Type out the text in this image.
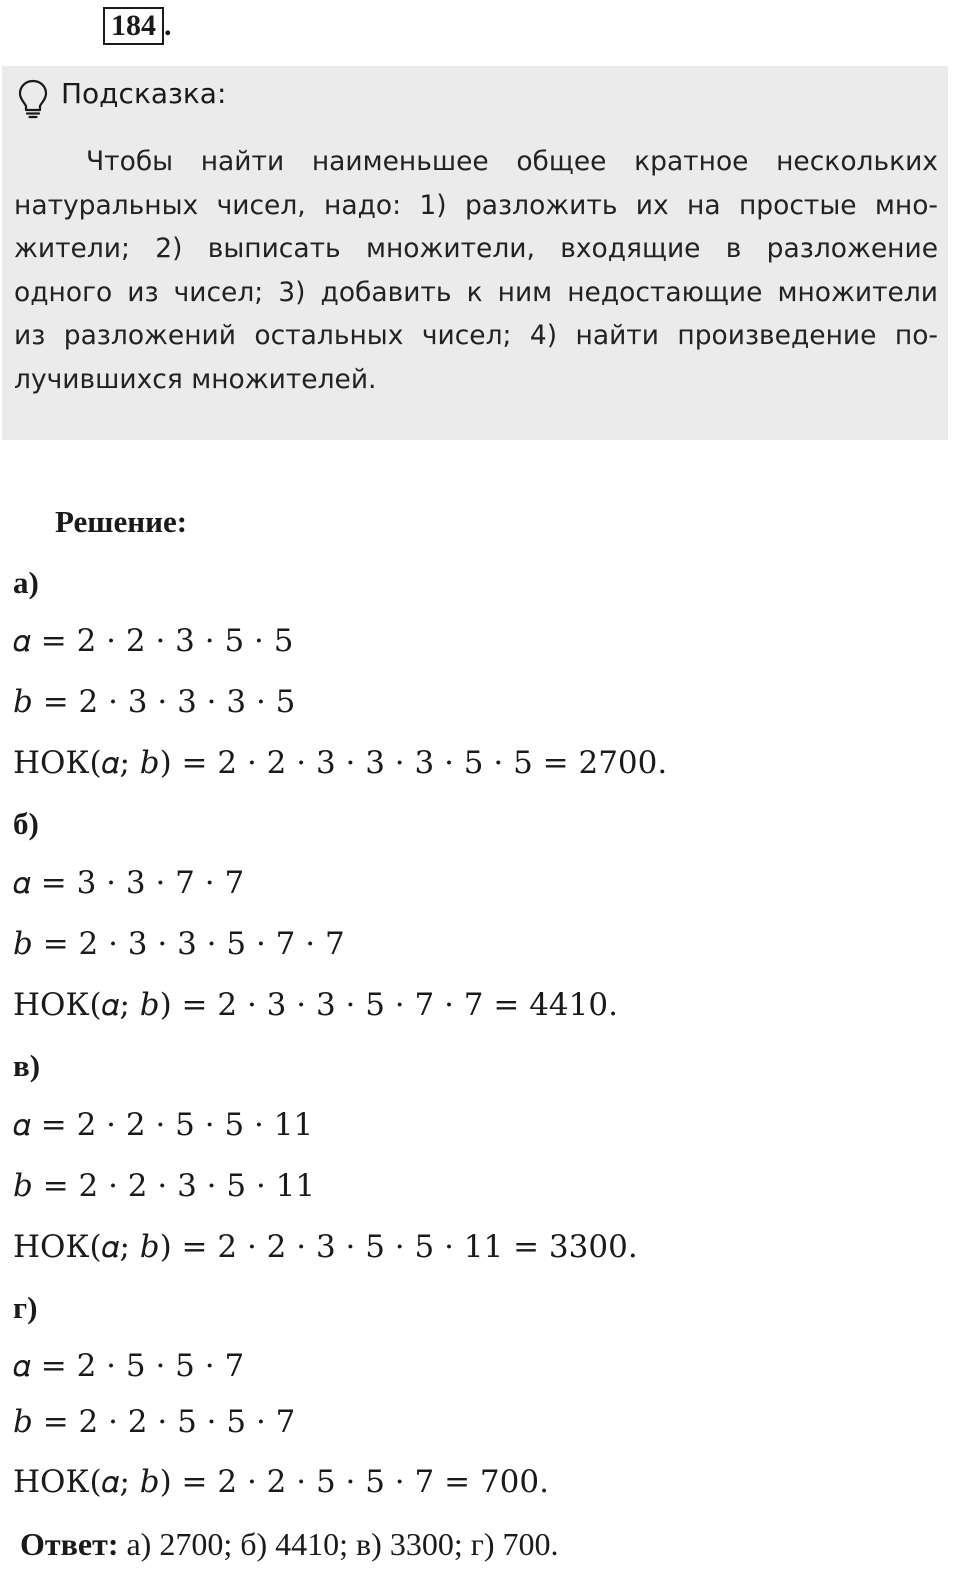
184 .
Подсказка:
Чтобы найти наименьшее общее кратное нескольких
натуральных чисел, надо: 1) разложить их на простые мно-
жители; 2) выписать множители, входящие в разложение
одного из чисел; 3) добавить к ним недостающие множители
из разложений остальных чисел; 4) найти произведение по-
лучившихся множителей.
Решение:
а)
𝛼 = 2 · 2 · 3 · 5 · 5
𝑏 = 2 · 3 · 3 · 3 · 5
НОК(𝛼; 𝑏) = 2 · 2 · 3 · 3 · 3 · 5 · 5 = 2700.
б)
𝛼 = 3 · 3 · 7 · 7
𝑏 = 2 · 3 · 3 · 5 · 7 · 7
НОК(𝛼; 𝑏) = 2 · 3 · 3 · 5 · 7 · 7 = 4410.
в)
𝛼 = 2 · 2 · 5 · 5 · 11
𝑏 = 2 · 2 · 3 · 5 · 11
НОК(𝛼; 𝑏) = 2 · 2 · 3 · 5 · 5 · 11 = 3300.
г)
𝛼 = 2 · 5 · 5 · 7
𝑏 = 2 · 2 · 5 · 5 · 7
НОК(𝛼; 𝑏) = 2 · 2 · 5 · 5 · 7 = 700.
Ответ: а) 2700; б) 4410; в) 3300; г) 700.
